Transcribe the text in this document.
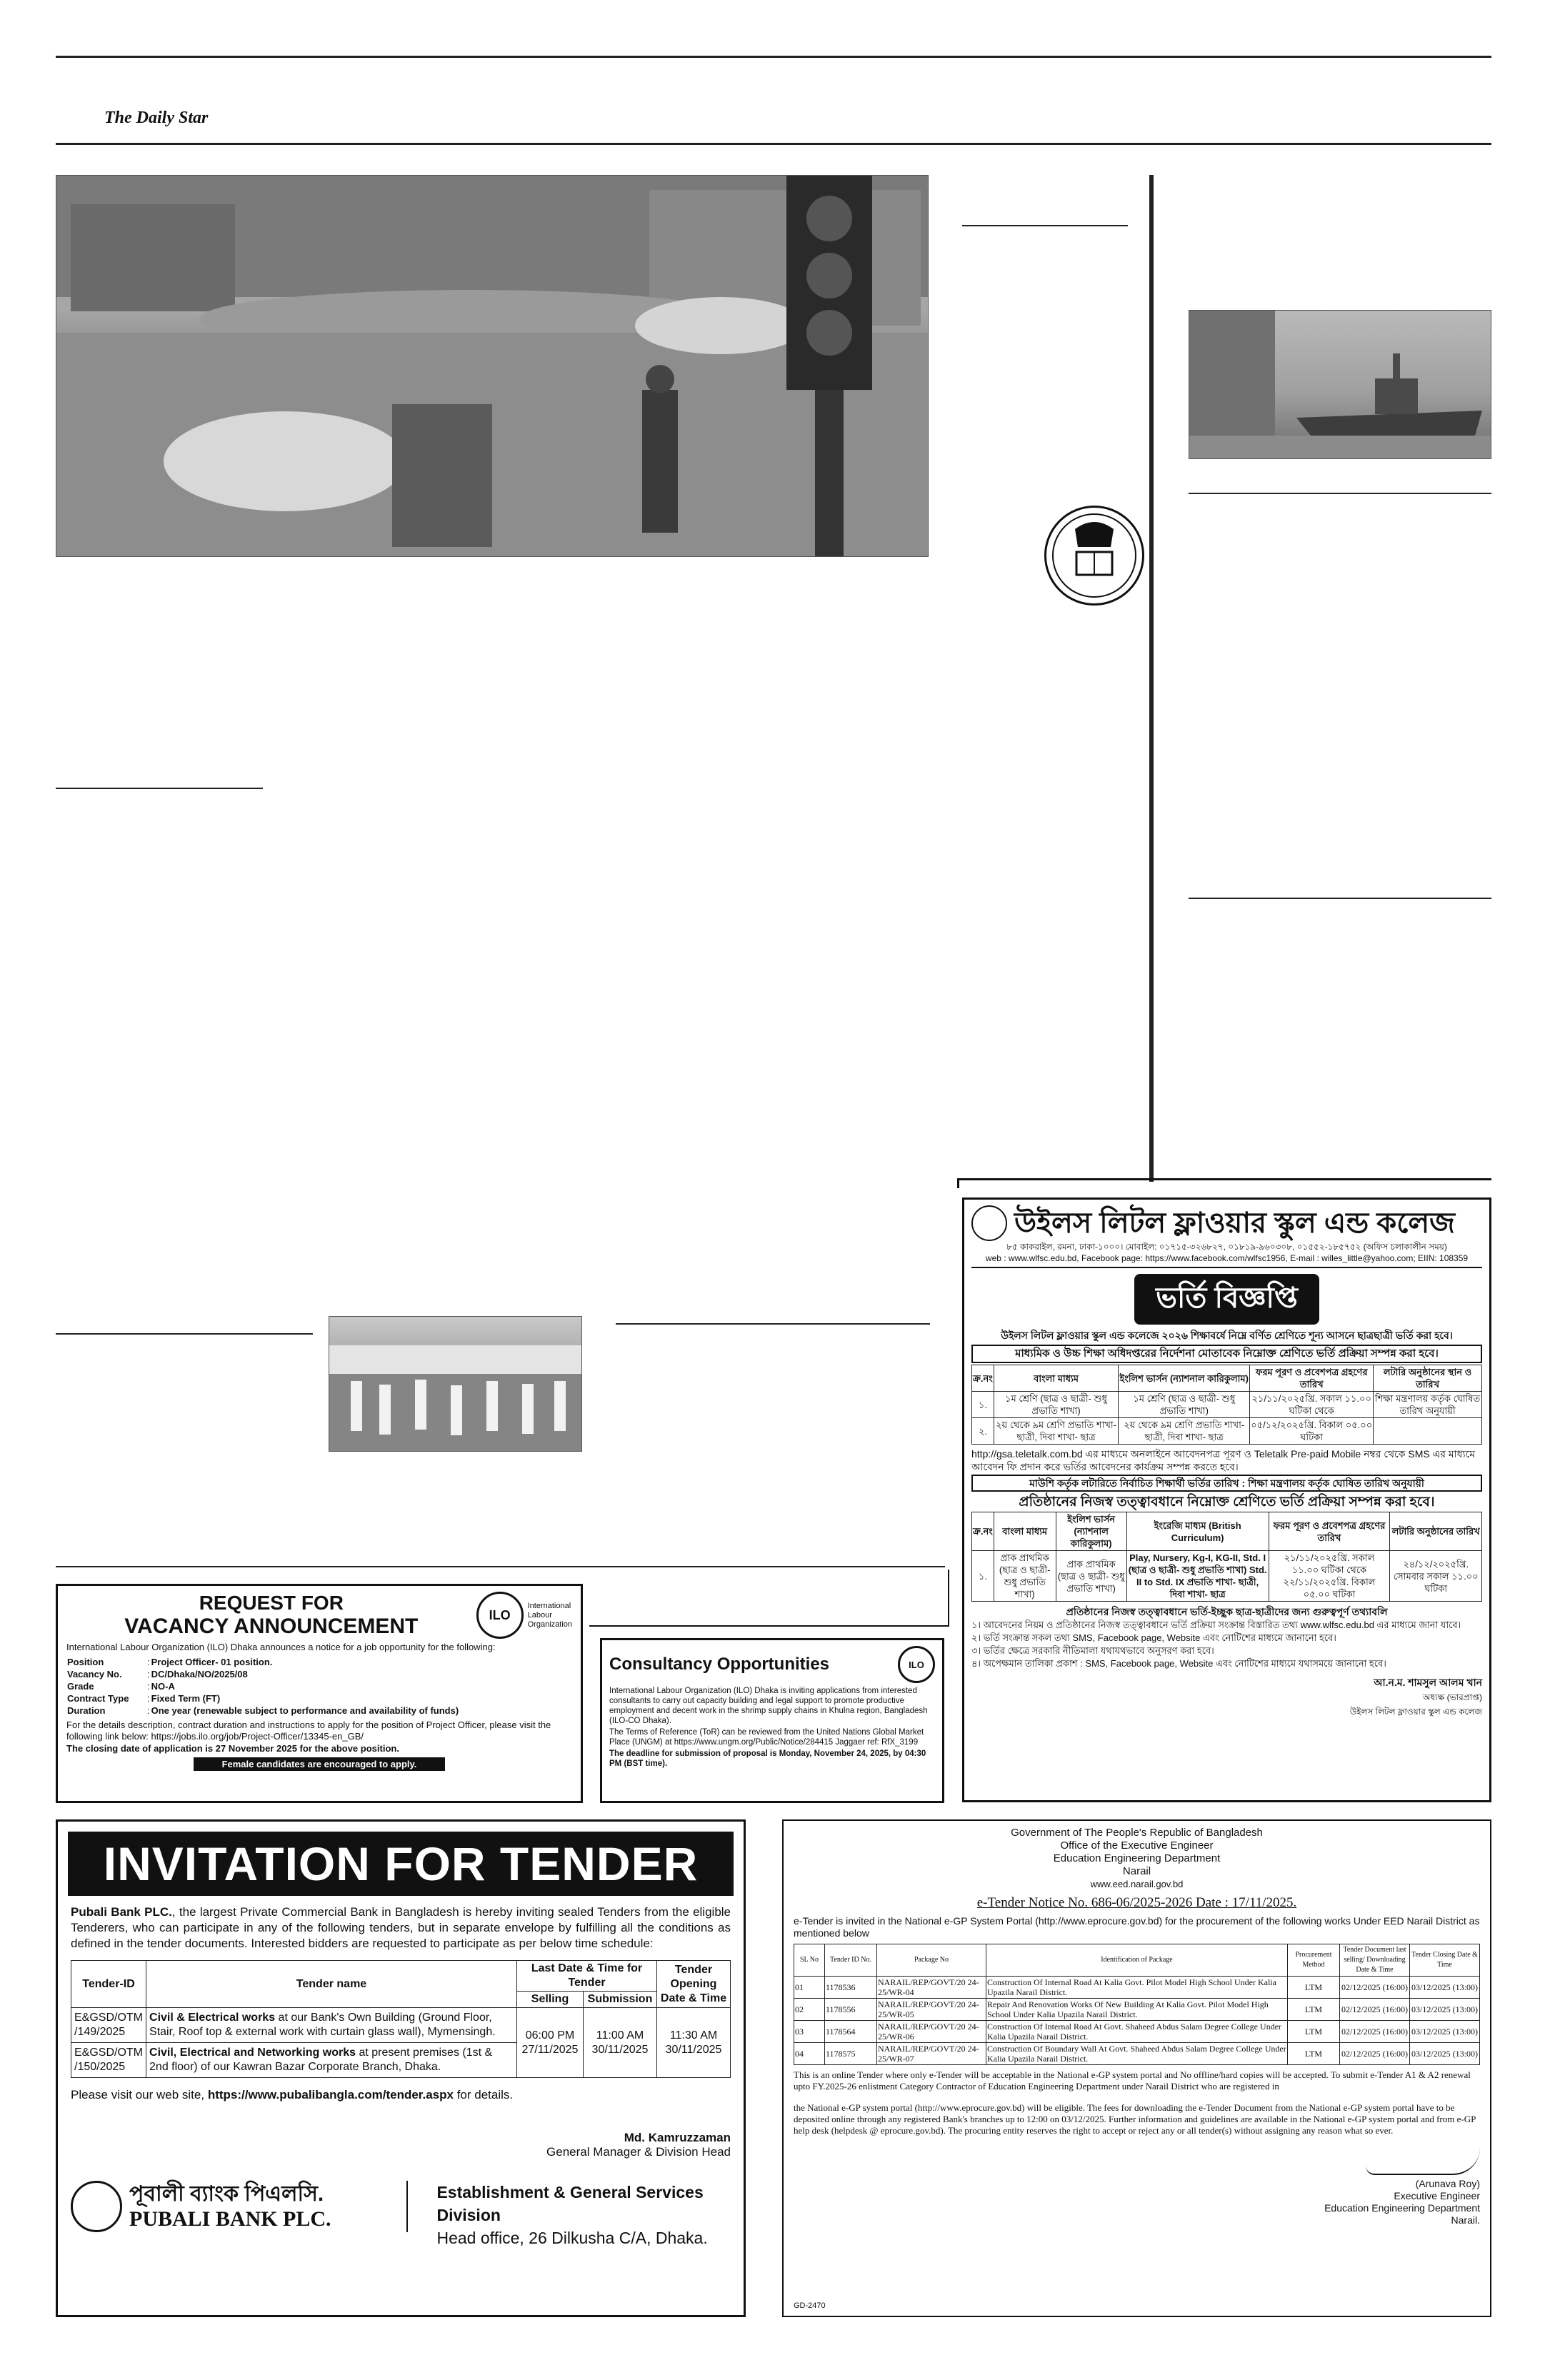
The Daily Star
উইলস লিটল ফ্লাওয়ার স্কুল এন্ড কলেজ
৮৫ কাকরাইল, রমনা, ঢাকা-১০০০। মোবাইল: ০১৭১৫-৩২৬৮২৭, ০১৮১৯-৯৬০৩০৮, ০১৫৫২-১৮৫৭৫২ (অফিস চলাকালীন সময়)
web : www.wlfsc.edu.bd, Facebook page: https://www.facebook.com/wlfsc1956, E-mail : willes_little@yahoo.com; EIIN: 108359
ভর্তি বিজ্ঞপ্তি
উইলস লিটল ফ্লাওয়ার স্কুল এন্ড কলেজে ২০২৬ শিক্ষাবর্ষে নিম্নে বর্ণিত শ্রেণিতে শূন্য আসনে ছাত্রছাত্রী ভর্তি করা হবে।
মাধ্যমিক ও উচ্চ শিক্ষা অধিদপ্তরের নির্দেশনা মোতাবেক নিম্নোক্ত শ্রেণিতে ভর্তি প্রক্রিয়া সম্পন্ন করা হবে।
ক্র.নং	বাংলা মাধ্যম	ইংলিশ ভার্সন (ন্যাশনাল কারিকুলাম)	ফরম পূরণ ও প্রবেশপত্র গ্রহণের তারিখ	লটারি অনুষ্ঠানের স্থান ও তারিখ
১.	১ম শ্রেণি (ছাত্র ও ছাত্রী- শুধু প্রভাতি শাখা)	১ম শ্রেণি (ছাত্র ও ছাত্রী- শুধু প্রভাতি শাখা)	২১/১১/২০২৫খ্রি. সকাল ১১.০০ ঘটিকা থেকে	শিক্ষা মন্ত্রণালয় কর্তৃক ঘোষিত তারিখ অনুযায়ী
২.	২য় থেকে ৯ম শ্রেণি প্রভাতি শাখা- ছাত্রী, দিবা শাখা- ছাত্র	২য় থেকে ৯ম শ্রেণি প্রভাতি শাখা- ছাত্রী, দিবা শাখা- ছাত্র	০৫/১২/২০২৫খ্রি. বিকাল ০৫.০০ ঘটিকা	
http://gsa.teletalk.com.bd এর মাধ্যমে অনলাইনে আবেদনপত্র পূরণ ও Teletalk Pre-paid Mobile নম্বর থেকে SMS এর মাধ্যমে আবেদন ফি প্রদান করে ভর্তির আবেদনের কার্যক্রম সম্পন্ন করতে হবে।
মাউশি কর্তৃক লটারিতে নির্বাচিত শিক্ষার্থী ভর্তির তারিখ : শিক্ষা মন্ত্রণালয় কর্তৃক ঘোষিত তারিখ অনুযায়ী
প্রতিষ্ঠানের নিজস্ব তত্ত্বাবধানে নিম্নোক্ত শ্রেণিতে ভর্তি প্রক্রিয়া সম্পন্ন করা হবে।
ক্র.নং	বাংলা মাধ্যম	ইংলিশ ভার্সন (ন্যাশনাল কারিকুলাম)	ইংরেজি মাধ্যম (British Curriculum)	ফরম পূরণ ও প্রবেশপত্র গ্রহণের তারিখ	লটারি অনুষ্ঠানের তারিখ
১.	প্রাক প্রাথমিক (ছাত্র ও ছাত্রী- শুধু প্রভাতি শাখা)	প্রাক প্রাথমিক (ছাত্র ও ছাত্রী- শুধু প্রভাতি শাখা)	Play, Nursery, Kg-I, KG-II, Std. I (ছাত্র ও ছাত্রী- শুধু প্রভাতি শাখা) Std. II to Std. IX প্রভাতি শাখা- ছাত্রী, দিবা শাখা- ছাত্র	২১/১১/২০২৫খ্রি. সকাল ১১.০০ ঘটিকা থেকে ২২/১১/২০২৫খ্রি. বিকাল ০৫.০০ ঘটিকা	২৪/১২/২০২৫খ্রি. সোমবার সকাল ১১.০০ ঘটিকা
প্রতিষ্ঠানের নিজস্ব তত্ত্বাবধানে ভর্তি-ইচ্ছুক ছাত্র-ছাত্রীদের জন্য গুরুত্বপূর্ণ তথ্যাবলি
১। আবেদনের নিয়ম ও প্রতিষ্ঠানের নিজস্ব তত্ত্বাবধানে ভর্তি প্রক্রিয়া সংক্রান্ত বিস্তারিত তথ্য www.wlfsc.edu.bd এর মাধ্যমে জানা যাবে।
২। ভর্তি সংক্রান্ত সকল তথ্য SMS, Facebook page, Website এবং নোটিশের মাধ্যমে জানানো হবে।
৩। ভর্তির ক্ষেত্রে সরকারি নীতিমালা যথাযথভাবে অনুসরণ করা হবে।
৪। অপেক্ষমান তালিকা প্রকাশ : SMS, Facebook page, Website এবং নোটিশের মাধ্যমে যথাসময়ে জানানো হবে।
আ.ন.ম. শামসুল আলম খান
অধ্যক্ষ (ভারপ্রাপ্ত)
উইলস লিটল ফ্লাওয়ার স্কুল এন্ড কলেজ
REQUEST FOR
VACANCY ANNOUNCEMENT	ILO
International
Labour
Organization
International Labour Organization (ILO) Dhaka announces a notice for a job opportunity for the following:
Position	:	Project Officer- 01 position.
Vacancy No.	:	DC/Dhaka/NO/2025/08
Grade	:	NO-A
Contract Type	:	Fixed Term (FT)
Duration	:	One year (renewable subject to performance and availability of funds)
For the details description, contract duration and instructions to apply for the position of Project Officer, please visit the following link below: https://jobs.ilo.org/job/Project-Officer/13345-en_GB/
The closing date of application is 27 November 2025 for the above position.
Female candidates are encouraged to apply.
Consultancy Opportunities	ILO
International Labour Organization (ILO) Dhaka is inviting applications from interested consultants to carry out capacity building and legal support to promote productive employment and decent work in the shrimp supply chains in Khulna region, Bangladesh (ILO-CO Dhaka).
The Terms of Reference (ToR) can be reviewed from the United Nations Global Market Place (UNGM) at https://www.ungm.org/Public/Notice/284415 Jaggaer ref: RfX_3199
The deadline for submission of proposal is Monday, November 24, 2025, by 04:30 PM (BST time).
INVITATION FOR TENDER
Pubali Bank PLC., the largest Private Commercial Bank in Bangladesh is hereby inviting sealed Tenders from the eligible Tenderers, who can participate in any of the following tenders, but in separate envelope by fulfilling all the conditions as defined in the tender documents. Interested bidders are requested to participate as per below time schedule:
Tender-ID	Tender name	Last Date & Time for Tender		Tender Opening Date & Time
		Selling	Submission	
E&GSD/OTM /149/2025	Civil & Electrical works at our Bank's Own Building (Ground Floor, Stair, Roof top & external work with curtain glass wall), Mymensingh.	06:00 PM 27/11/2025	11:00 AM 30/11/2025	11:30 AM 30/11/2025
E&GSD/OTM /150/2025	Civil, Electrical and Networking works at present premises (1st & 2nd floor) of our Kawran Bazar Corporate Branch, Dhaka.			
Please visit our web site, https://www.pubalibangla.com/tender.aspx for details.
Md. Kamruzzaman
General Manager & Division Head
পূবালী ব্যাংক পিএলসি.
PUBALI BANK PLC.
Establishment & General Services Division
Head office, 26 Dilkusha C/A, Dhaka.
Government of The People's Republic of Bangladesh
Office of the Executive Engineer
Education Engineering Department
Narail
www.eed.narail.gov.bd
e-Tender Notice No. 686-06/2025-2026 Date : 17/11/2025.
e-Tender is invited in the National e-GP System Portal (http://www.eprocure.gov.bd) for the procurement of the following works Under EED Narail District as mentioned below
SL No	Tender ID No.	Package No	Identification of Package	Procurement Method	Tender Document last selling/ Downloading Date & Time	Tender Closing Date & Time
01	1178536	NARAIL/REP/GOVT/20 24-25/WR-04	Construction Of Internal Road At Kalia Govt. Pilot Model High School Under Kalia Upazila Narail District.	LTM	02/12/2025 (16:00)	03/12/2025 (13:00)
02	1178556	NARAIL/REP/GOVT/20 24-25/WR-05	Repair And Renovation Works Of New Building At Kalia Govt. Pilot Model High School Under Kalia Upazila Narail District.	LTM	02/12/2025 (16:00)	03/12/2025 (13:00)
03	1178564	NARAIL/REP/GOVT/20 24-25/WR-06	Construction Of Internal Road At Govt. Shaheed Abdus Salam Degree College Under Kalia Upazila Narail District.	LTM	02/12/2025 (16:00)	03/12/2025 (13:00)
04	1178575	NARAIL/REP/GOVT/20 24-25/WR-07	Construction Of Boundary Wall At Govt. Shaheed Abdus Salam Degree College Under Kalia Upazila Narail District.	LTM	02/12/2025 (16:00)	03/12/2025 (13:00)
This is an online Tender where only e-Tender will be acceptable in the National e-GP system portal and No offline/hard copies will be accepted. To submit e-Tender A1 & A2 renewal upto FY.2025-26 enlistment Category Contractor of Education Engineering Department under Narail District who are registered in
the National e-GP system portal (http://www.eprocure.gov.bd) will be eligible. The fees for downloading the e-Tender Document from the National e-GP system portal have to be deposited online through any registered Bank's branches up to 12:00 on 03/12/2025. Further information and guidelines are available in the National e-GP system portal and from e-GP help desk (helpdesk @ eprocure.gov.bd). The procuring entity reserves the right to accept or reject any or all tender(s) without assigning any reason what so ever.
(Arunava Roy)
Executive Engineer
Education Engineering Department
Narail.
GD-2470
